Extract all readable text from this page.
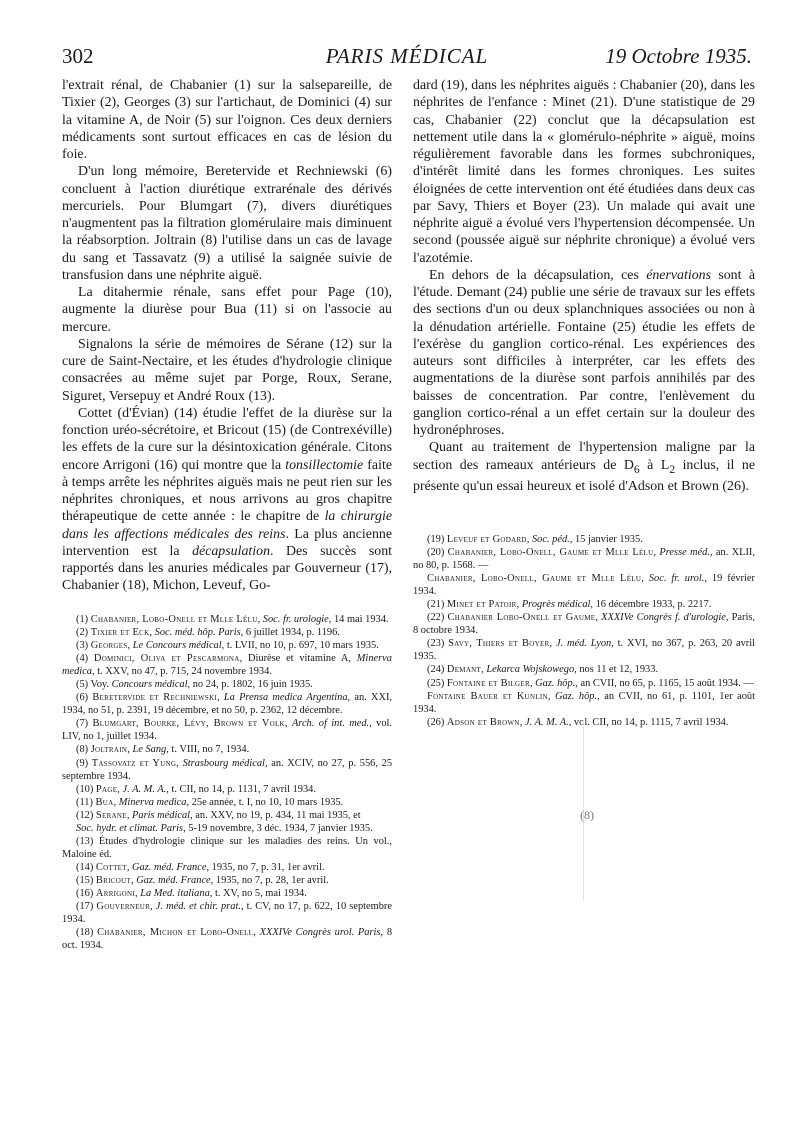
302	PARIS MÉDICAL	19 Octobre 1935.

l'extrait rénal, de Chabanier (1) sur la salsepareille, de Tixier (2), Georges (3) sur l'artichaut, de Dominici (4) sur la vitamine A, de Noir (5) sur l'oignon. Ces deux derniers médicaments sont surtout efficaces en cas de lésion du foie.

D'un long mémoire, Beretervide et Rechniewski (6) concluent à l'action diurétique extrarénale des dérivés mercuriels. Pour Blumgart (7), divers diurétiques n'augmentent pas la filtration glomérulaire mais diminuent la réabsorption. Joltrain (8) l'utilise dans un cas de lavage du sang et Tassavatz (9) a utilisé la saignée suivie de transfusion dans une néphrite aiguë.

La ditahermie rénale, sans effet pour Page (10), augmente la diurèse pour Bua (11) si on l'associe au mercure.

Signalons la série de mémoires de Sérane (12) sur la cure de Saint-Nectaire, et les études d'hydrologie clinique consacrées au même sujet par Porge, Roux, Serane, Siguret, Versepuy et André Roux (13).

Cottet (d'Évian) (14) étudie l'effet de la diurèse sur la fonction uréo-sécrétoire, et Bricout (15) (de Contrexéville) les effets de la cure sur la désintoxication générale. Citons encore Arrigoni (16) qui montre que la tonsillectomie faite à temps arrête les néphrites aiguës mais ne peut rien sur les néphrites chroniques, et nous arrivons au gros chapitre thérapeutique de cette année : le chapitre de la chirurgie dans les affections médicales des reins. La plus ancienne intervention est la décapsulation. Des succès sont rapportés dans les anuries médicales par Gouverneur (17), Chabanier (18), Michon, Leveuf, Go-

dard (19), dans les néphrites aiguës : Chabanier (20), dans les néphrites de l'enfance : Minet (21). D'une statistique de 29 cas, Chabanier (22) conclut que la décapsulation est nettement utile dans la « glomérulo-néphrite » aiguë, moins régulièrement favorable dans les formes subchroniques, d'intérêt limité dans les formes chroniques. Les suites éloignées de cette intervention ont été étudiées dans deux cas par Savy, Thiers et Boyer (23). Un malade qui avait une néphrite aiguë a évolué vers l'hypertension décompensée. Un second (poussée aiguë sur néphrite chronique) a évolué vers l'azotémie.

En dehors de la décapsulation, ces énervations sont à l'étude. Demant (24) publie une série de travaux sur les effets des sections d'un ou deux splanchniques associées ou non à la dénudation artérielle. Fontaine (25) étudie les effets de l'exérèse du ganglion cortico-rénal. Les expériences des auteurs sont difficiles à interpréter, car les effets des augmentations de la diurèse sont parfois annihilés par des baisses de concentration. Par contre, l'enlèvement du ganglion cortico-rénal a un effet certain sur la douleur des hydronéphroses.

Quant au traitement de l'hypertension maligne par la section des rameaux antérieurs de $D_6$ à $L_2$ inclus, il ne présente qu'un essai heureux et isolé d'Adson et Brown (26).

(1) Chabanier, Lobo-Onell et Mlle Lélu, Soc. fr. urologie, 14 mai 1934.

(2) Tixier et Eck, Soc. méd. hôp. Paris, 6 juillet 1934, p. 1196.

(3) Georges, Le Concours médical, t. LVII, no 10, p. 697, 10 mars 1935.

(4) Dominici, Oliva et Pescarmona, Diurèse et vitamine A, Minerva medica, t. XXV, no 47, p. 715, 24 novembre 1934.

(5) Voy. Concours médical, no 24, p. 1802, 16 juin 1935.

(6) Beretervide et Rechniewski, La Prensa medica Argentina, an. XXI, 1934, no 51, p. 2391, 19 décembre, et no 50, p. 2362, 12 décembre.

(7) Blumgart, Bourke, Lévy, Brown et Volk, Arch. of int. med., vol. LIV, no 1, juillet 1934.

(8) Joltrain, Le Sang, t. VIII, no 7, 1934.

(9) Tassovatz et Yung, Strasbourg médical, an. XCIV, no 27, p. 556, 25 septembre 1934.

(10) Page, J. A. M. A., t. CII, no 14, p. 1131, 7 avril 1934.

(11) Bua, Minerva medica, 25e année, t. I, no 10, 10 mars 1935.

(12) Serane, Paris médical, an. XXV, no 19, p. 434, 11 mai 1935, et

Soc. hydr. et climat. Paris, 5-19 novembre, 3 déc. 1934, 7 janvier 1935.

(13) Études d'hydrologie clinique sur les maladies des reins. Un vol., Maloine éd.

(14) Cottet, Gaz. méd. France, 1935, no 7, p. 31, 1er avril.

(15) Bricout, Gaz. méd. France, 1935, no 7, p. 28, 1er avril.

(16) Arrigoni, La Med. italiana, t. XV, no 5, mai 1934.

(17) Gouverneur, J. méd. et chir. prat., t. CV, no 17, p. 622, 10 septembre 1934.

(18) Chabanier, Michon et Lobo-Onell, XXXIVe Congrès urol. Paris, 8 oct. 1934.

(19) Leveuf et Godard, Soc. péd., 15 janvier 1935.

(20) Chabanier, Lobo-Onell, Gaume et Mlle Lélu, Presse méd., an. XLII, no 80, p. 1568. —

Chabanier, Lobo-Onell, Gaume et Mlle Lélu, Soc. fr. urol., 19 février 1934.

(21) Minet et Patoir, Progrès médical, 16 décembre 1933, p. 2217.

(22) Chabanier Lobo-Onell et Gaume, XXXIVe Congrès f. d'urologie, Paris, 8 octobre 1934.

(23) Savy, Thiers et Boyer, J. méd. Lyon, t. XVI, no 367, p. 263, 20 avril 1935.

(24) Demant, Lekarca Wojskowego, nos 11 et 12, 1933.

(25) Fontaine et Bilger, Gaz. hôp., an CVII, no 65, p. 1165, 15 août 1934. —

Fontaine Bauer et Kunlin, Gaz. hôp., an CVII, no 61, p. 1101, 1er août 1934.

(26) Adson et Brown, J. A. M. A., vol. CII, no 14, p. 1115, 7 avril 1934.

(8)
